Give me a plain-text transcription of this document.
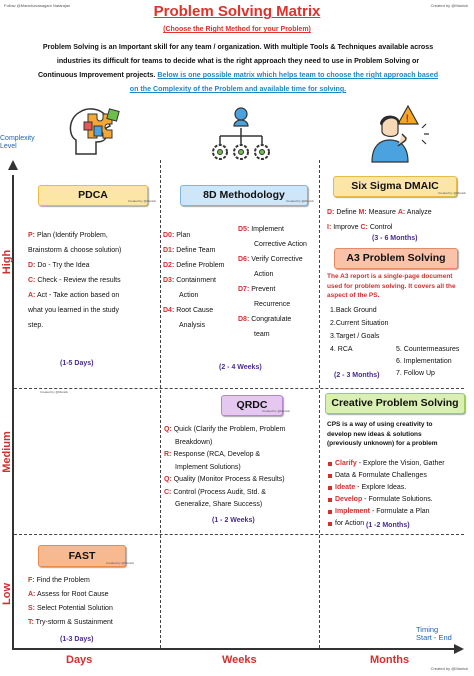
Follow @Manickavasagam Natarajan	Created by @Manick
Problem Solving Matrix
(Choose the Right Method for your Problem)
Problem Solving is an Important skill for any team / organization. With multiple Tools & Techniques available across
industries its difficult for teams to decide what is the right approach they need to use in Problem Solving or
Continuous Improvement projects. Below is one possible matrix which helps team to choose the right approach based
on the Complexity of the Problem and available time for solving.
!
Complexity
Level
High
Medium
Low
Days	Weeks	Months
Timing
Start - End
Created by @Manick
PDCA	Created by @Manick
P: Plan (Identify Problem,
Brainstorm & choose solution)
D: Do - Try the Idea
C: Check - Review the results
A: Act - Take action based on
what you learned in the study
step.
(1-5 Days)
8D Methodology Created by @Manick
D0: Plan
D1: Define Team
D2: Define Problem
D3: Containment
Action
D4: Root Cause
Analysis
D5: Implement
Corrective Action
D6: Verify Corrective
Action
D7: Prevent
Recurrence
D8: Congratulate
team
(2 - 4 Weeks)
Six Sigma DMAIC
Created by @Manick
D: Define M: Measure A: Analyze
I: Improve C: Control
(3 - 6 Months)
A3 Problem Solving
The A3 report is a single-page document
used for problem solving. It covers all the
aspect of the PS.
1.Back Ground
2.Current Situation
3.Target / Goals
4. RCA	5. Countermeasures
6. Implementation
7. Follow Up
(2 - 3 Months)
Created by @Manick
QRDC
Created by @Manick
Q: Quick (Clarify the Problem, Problem
Breakdown)
R: Response (RCA, Develop &
Implement Solutions)
Q: Quality (Monitor Process & Results)
C: Control (Process Audit, Std. &
Generalize, Share Success)
(1 - 2 Weeks)
Creative Problem Solving
CPS is a way of using creativity to
develop new ideas & solutions
(previously unknown) for a problem
Clarify - Explore the Vision, Gather
Data & Formulate Challenges
Ideate - Explore Ideas.
Develop - Formulate Solutions.
Implement - Formulate a Plan
for Action (1 -2 Months)
FAST
Created by @Manick
F: Find the Problem
A: Assess for Root Cause
S: Select Potential Solution
T: Try-storm & Sustainment
(1-3 Days)
